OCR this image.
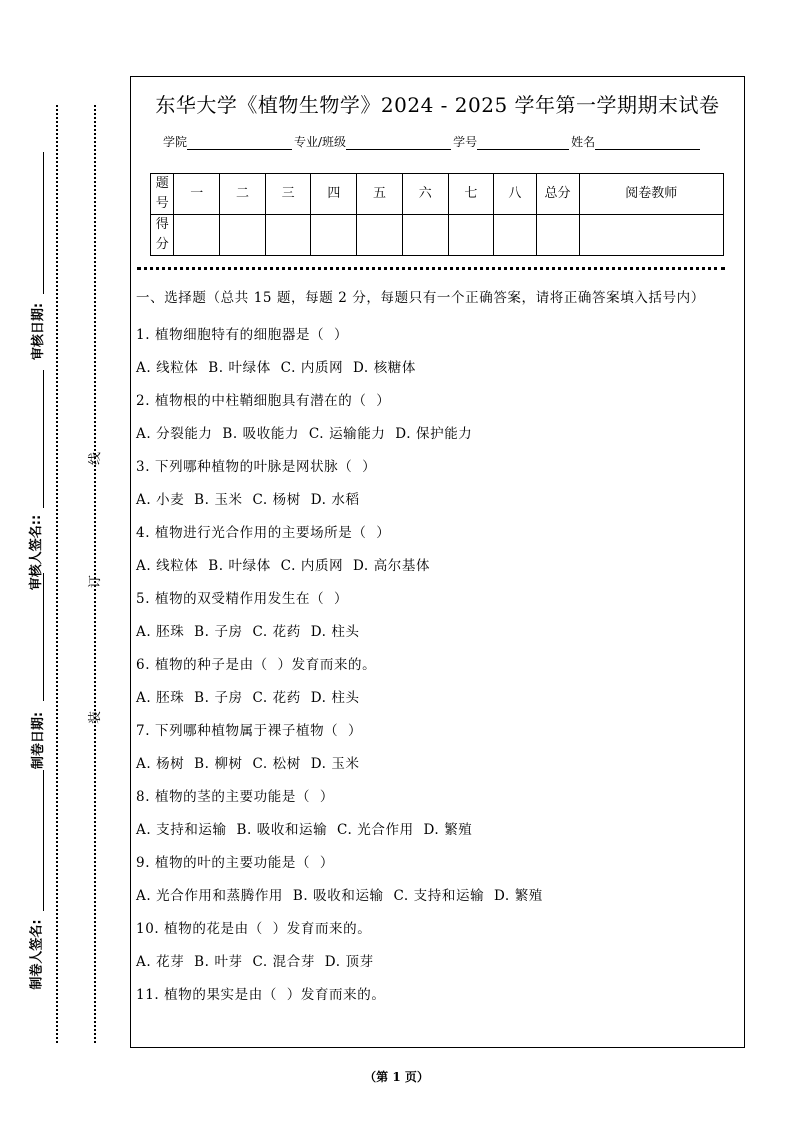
审核日期:
审核人签名::
制卷日期:
制卷人签名:
线
订
装
东华大学《植物生物学》2024 - 2025 学年第一学期期末试卷
学院	专业/班级	学号	姓名
题号	一	二	三	四	五	六	七	八	总分	阅卷教师
得分										
一、选择题（总共 15 题，每题 2 分，每题只有一个正确答案，请将正确答案填入括号内）
1. 植物细胞特有的细胞器是（  ）
A. 线粒体 B. 叶绿体 C. 内质网 D. 核糖体
2. 植物根的中柱鞘细胞具有潜在的（  ）
A. 分裂能力 B. 吸收能力 C. 运输能力 D. 保护能力
3. 下列哪种植物的叶脉是网状脉（  ）
A. 小麦 B. 玉米 C. 杨树 D. 水稻
4. 植物进行光合作用的主要场所是（  ）
A. 线粒体 B. 叶绿体 C. 内质网 D. 高尔基体
5. 植物的双受精作用发生在（  ）
A. 胚珠 B. 子房 C. 花药 D. 柱头
6. 植物的种子是由（  ）发育而来的。
A. 胚珠 B. 子房 C. 花药 D. 柱头
7. 下列哪种植物属于裸子植物（  ）
A. 杨树 B. 柳树 C. 松树 D. 玉米
8. 植物的茎的主要功能是（  ）
A. 支持和运输 B. 吸收和运输 C. 光合作用 D. 繁殖
9. 植物的叶的主要功能是（  ）
A. 光合作用和蒸腾作用 B. 吸收和运输 C. 支持和运输 D. 繁殖
10. 植物的花是由（  ）发育而来的。
A. 花芽 B. 叶芽 C. 混合芽 D. 顶芽
11. 植物的果实是由（  ）发育而来的。
（第 1 页）
